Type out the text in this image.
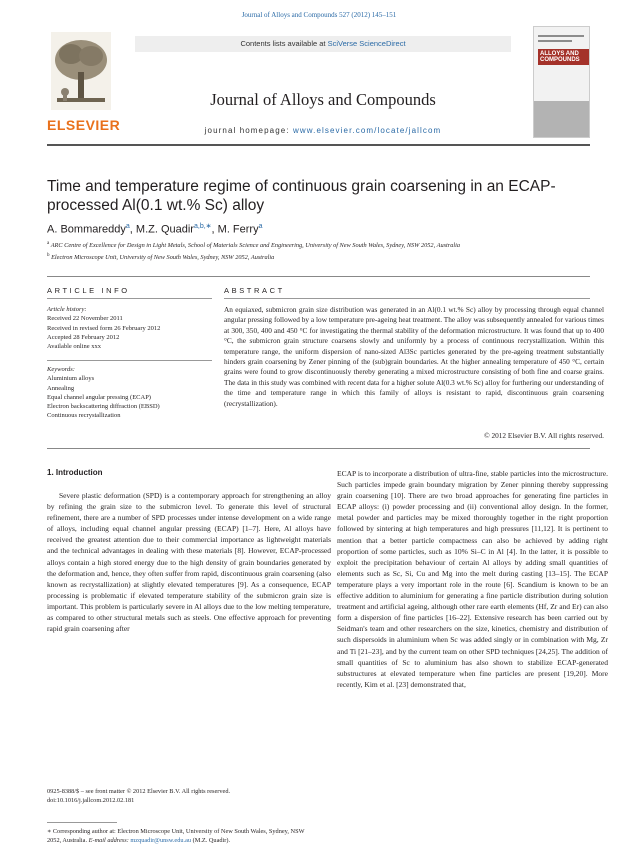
Journal of Alloys and Compounds 527 (2012) 145–151
ELSEVIER
Contents lists available at SciVerse ScienceDirect
Journal of Alloys and Compounds
journal homepage: www.elsevier.com/locate/jallcom
ALLOYS AND COMPOUNDS
Time and temperature regime of continuous grain coarsening in an ECAP-processed Al(0.1 wt.% Sc) alloy
A. Bommareddy$^a$, M.Z. Quadir$^{a,b,∗}$, M. Ferry$^a$
$^a$ ARC Centre of Excellence for Design in Light Metals, School of Materials Science and Engineering, University of New South Wales, Sydney, NSW 2052, Australia
$^b$ Electron Microscope Unit, University of New South Wales, Sydney, NSW 2052, Australia
ARTICLE INFO	ABSTRACT
Article history:
Received 22 November 2011
Received in revised form 26 February 2012
Accepted 28 February 2012
Available online xxx
Keywords:
Aluminium alloys
Annealing
Equal channel angular pressing (ECAP)
Electron backscattering diffraction (EBSD)
Continuous recrystallization
An equiaxed, submicron grain size distribution was generated in an Al(0.1 wt.% Sc) alloy by processing through equal channel angular pressing followed by a low temperature pre-ageing heat treatment. The alloy was subsequently annealed for various times at 300, 350, 400 and 450 °C for investigating the thermal stability of the deformation microstructure. It was found that up to 400 °C, the submicron grain structure coarsens slowly and uniformly by a process of continuous recrystallization. Within this temperature range, the uniform dispersion of nano-sized Al3Sc particles generated by the pre-ageing treatment substantially hinders grain coarsening by Zener pinning of the (sub)grain boundaries. At the higher annealing temperature of 450 °C, certain grains were found to grow discontinuously thereby generating a mixed microstructure consisting of both fine and coarse grains. The data in this study was combined with recent data for a higher solute Al(0.3 wt.% Sc) alloy for furthering our understanding of the time and temperature range in which this family of alloys is resistant to rapid, discontinuous grain coarsening (recrystallization).
© 2012 Elsevier B.V. All rights reserved.
1. Introduction
Severe plastic deformation (SPD) is a contemporary approach for strengthening an alloy by refining the grain size to the submicron level. To generate this level of structural refinement, there are a number of SPD processes under intense development on a wide range of alloys, including equal channel angular pressing (ECAP) [1–7]. Here, Al alloys have received the greatest attention due to their commercial importance as lightweight materials and the technical advantages in dealing with these materials [8]. However, ECAP-processed alloys contain a high stored energy due to the high density of grain boundaries generated by the deformation and, hence, they often suffer from rapid, discontinuous grain coarsening (also known as recrystallization) at slightly elevated temperatures [9]. As a consequence, ECAP processing is problematic if elevated temperature stability of the submicron grain size is important. This problem is particularly severe in Al alloys due to the low melting temperature, as compared to other structural metals such as steels. One effective approach for preventing rapid grain coarsening after
ECAP is to incorporate a distribution of ultra-fine, stable particles into the microstructure. Such particles impede grain boundary migration by Zener pinning thereby suppressing grain coarsening [10]. There are two broad approaches for generating fine particles in ECAP alloys: (i) powder processing and (ii) conventional alloy design. In the former, metal powder and particles may be mixed thoroughly together in the right proportion followed by sintering at high temperatures and high pressures [11,12]. It is pertinent to mention that a better particle compactness can also be achieved by adding right proportion of some particles, such as 10% Si–C in Al [4]. In the latter, it is possible to exploit the precipitation behaviour of certain Al alloys by adding small quantities of elements such as Sc, Si, Cu and Mg into the melt during casting [13–15]. The ECAP temperature plays a very important role in the route [6]. Scandium is known to be an effective addition to aluminium for generating a fine particle distribution during solution treatment and artificial ageing, although other rare earth elements (Hf, Zr and Er) can also form a dispersion of fine particles [16–22]. Extensive research has been carried out by Seidman's team and other researchers on the size, kinetics, chemistry and distribution of such dispersoids in aluminium when Sc was added singly or in combination with Mg, Zr and Ti [21–23], and by the current team on other SPD techniques [24,25]. The addition of small quantities of Sc to aluminium has also shown to stabilize ECAP-generated substructures at elevated temperature when fine particles are present [19,20]. More recently, Kim et al. [23] demonstrated that,
0925-8388/$ – see front matter © 2012 Elsevier B.V. All rights reserved.
doi:10.1016/j.jallcom.2012.02.181
∗ Corresponding author at: Electron Microscope Unit, University of New South Wales, Sydney, NSW 2052, Australia. E-mail address: mzquadir@unsw.edu.au (M.Z. Quadir).
